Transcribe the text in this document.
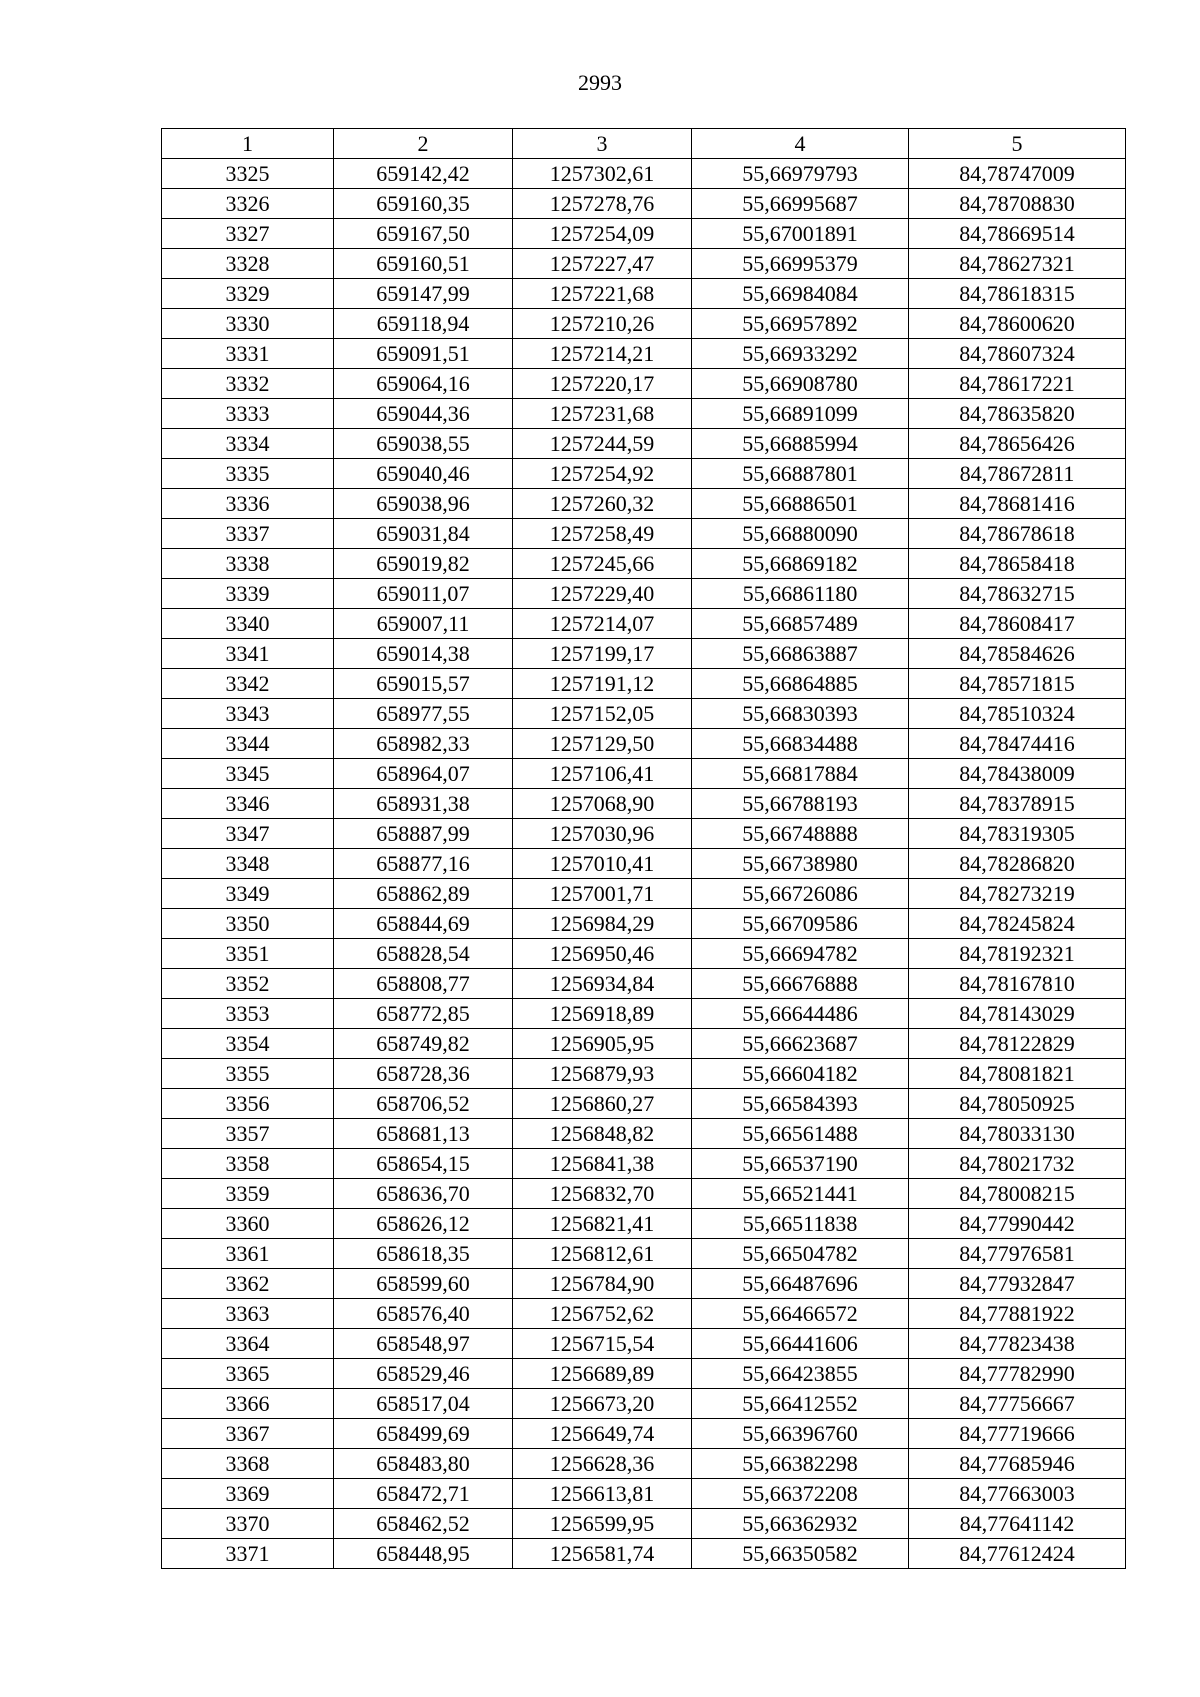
2993
1	2	3	4	5
3325	659142,42	1257302,61	55,66979793	84,78747009
3326	659160,35	1257278,76	55,66995687	84,78708830
3327	659167,50	1257254,09	55,67001891	84,78669514
3328	659160,51	1257227,47	55,66995379	84,78627321
3329	659147,99	1257221,68	55,66984084	84,78618315
3330	659118,94	1257210,26	55,66957892	84,78600620
3331	659091,51	1257214,21	55,66933292	84,78607324
3332	659064,16	1257220,17	55,66908780	84,78617221
3333	659044,36	1257231,68	55,66891099	84,78635820
3334	659038,55	1257244,59	55,66885994	84,78656426
3335	659040,46	1257254,92	55,66887801	84,78672811
3336	659038,96	1257260,32	55,66886501	84,78681416
3337	659031,84	1257258,49	55,66880090	84,78678618
3338	659019,82	1257245,66	55,66869182	84,78658418
3339	659011,07	1257229,40	55,66861180	84,78632715
3340	659007,11	1257214,07	55,66857489	84,78608417
3341	659014,38	1257199,17	55,66863887	84,78584626
3342	659015,57	1257191,12	55,66864885	84,78571815
3343	658977,55	1257152,05	55,66830393	84,78510324
3344	658982,33	1257129,50	55,66834488	84,78474416
3345	658964,07	1257106,41	55,66817884	84,78438009
3346	658931,38	1257068,90	55,66788193	84,78378915
3347	658887,99	1257030,96	55,66748888	84,78319305
3348	658877,16	1257010,41	55,66738980	84,78286820
3349	658862,89	1257001,71	55,66726086	84,78273219
3350	658844,69	1256984,29	55,66709586	84,78245824
3351	658828,54	1256950,46	55,66694782	84,78192321
3352	658808,77	1256934,84	55,66676888	84,78167810
3353	658772,85	1256918,89	55,66644486	84,78143029
3354	658749,82	1256905,95	55,66623687	84,78122829
3355	658728,36	1256879,93	55,66604182	84,78081821
3356	658706,52	1256860,27	55,66584393	84,78050925
3357	658681,13	1256848,82	55,66561488	84,78033130
3358	658654,15	1256841,38	55,66537190	84,78021732
3359	658636,70	1256832,70	55,66521441	84,78008215
3360	658626,12	1256821,41	55,66511838	84,77990442
3361	658618,35	1256812,61	55,66504782	84,77976581
3362	658599,60	1256784,90	55,66487696	84,77932847
3363	658576,40	1256752,62	55,66466572	84,77881922
3364	658548,97	1256715,54	55,66441606	84,77823438
3365	658529,46	1256689,89	55,66423855	84,77782990
3366	658517,04	1256673,20	55,66412552	84,77756667
3367	658499,69	1256649,74	55,66396760	84,77719666
3368	658483,80	1256628,36	55,66382298	84,77685946
3369	658472,71	1256613,81	55,66372208	84,77663003
3370	658462,52	1256599,95	55,66362932	84,77641142
3371	658448,95	1256581,74	55,66350582	84,77612424
